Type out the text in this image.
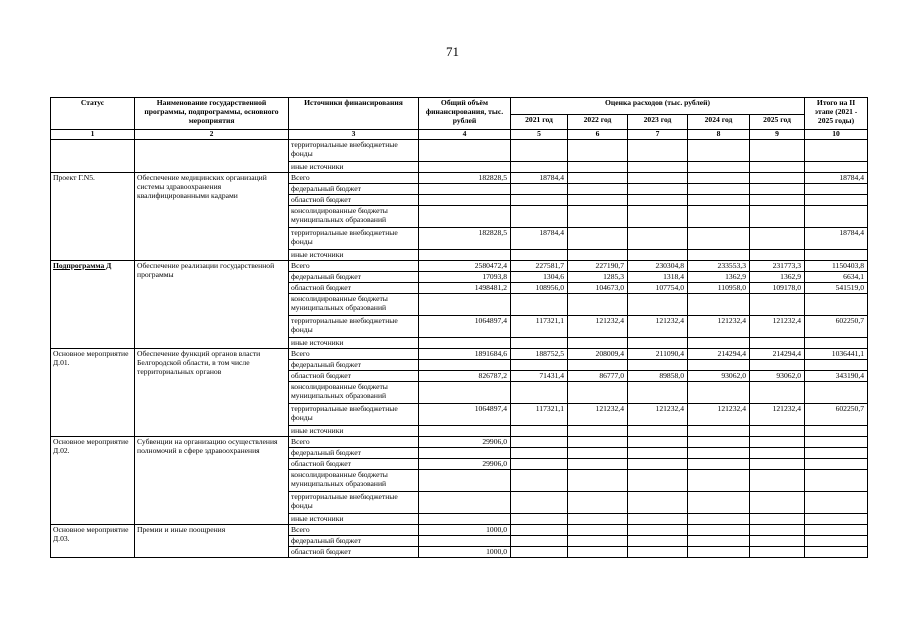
71
Статус	Наименование государственной программы, подпрограммы, основного мероприятия	Источники финансирования	Общий объём финансирования, тыс. рублей	Оценка расходов (тыс. рублей)					Итого на II этапе (2021 - 2025 годы)
				2021 год	2022 год	2023 год	2024 год	2025 год	
1	2	3	4	5	6	7	8	9	10
		территориальные внебюджетные фонды							
		иные источники							
Проект Г.N5.	Обеспечение медицинских организаций системы здравоохранения квалифицированными кадрами	Всего	182828,5	18784,4					18784,4
		федеральный бюджет							
		областной бюджет							
		консолидированные бюджеты муниципальных образований							
		территориальные внебюджетные фонды	182828,5	18784,4					18784,4
		иные источники							
Подпрограмма Д	Обеспечение реализации государственной программы	Всего	2580472,4	227581,7	227190,7	230304,8	233553,3	231773,3	1150403,8
		федеральный бюджет	17093,8	1304,6	1285,3	1318,4	1362,9	1362,9	6634,1
		областной бюджет	1498481,2	108956,0	104673,0	107754,0	110958,0	109178,0	541519,0
		консолидированные бюджеты муниципальных образований							
		территориальные внебюджетные фонды	1064897,4	117321,1	121232,4	121232,4	121232,4	121232,4	602250,7
		иные источники							
Основное мероприятие Д.01.	Обеспечение функций органов власти Белгородской области, в том числе территориальных органов	Всего	1891684,6	188752,5	208009,4	211090,4	214294,4	214294,4	1036441,1
		федеральный бюджет							
		областной бюджет	826787,2	71431,4	86777,0	89858,0	93062,0	93062,0	343190,4
		консолидированные бюджеты муниципальных образований							
		территориальные внебюджетные фонды	1064897,4	117321,1	121232,4	121232,4	121232,4	121232,4	602250,7
		иные источники							
Основное мероприятие Д.02.	Субвенции на организацию осуществления полномочий в сфере здравоохранения	Всего	29906,0						
		федеральный бюджет							
		областной бюджет	29906,0						
		консолидированные бюджеты муниципальных образований							
		территориальные внебюджетные фонды							
		иные источники							
Основное мероприятие Д.03.	Премии и иные поощрения	Всего	1000,0						
		федеральный бюджет							
		областной бюджет	1000,0						
